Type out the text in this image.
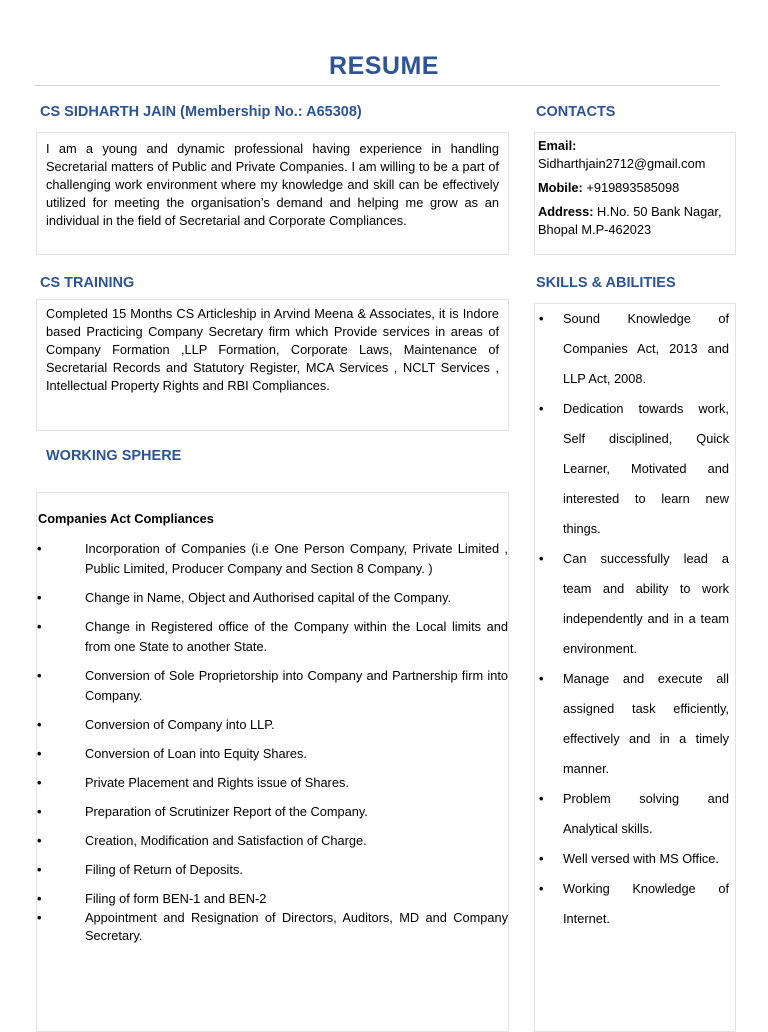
RESUME
CS SIDHARTH JAIN (Membership No.: A65308)

I am a young and dynamic professional having experience in handling Secretarial matters of Public and Private Companies. I am willing to be a part of challenging work environment where my knowledge and skill can be effectively utilized for meeting the organisation’s demand and helping me grow as an individual in the field of Secretarial and Corporate Compliances.

CS TRAINING

Completed 15 Months CS Articleship in Arvind Meena & Associates, it is Indore based Practicing Company Secretary firm which Provide services in areas of Company Formation ,LLP Formation, Corporate Laws, Maintenance of Secretarial Records and Statutory Register, MCA Services , NCLT Services , Intellectual Property Rights and RBI Compliances.

WORKING SPHERE
Companies Act Compliances
•	Incorporation of Companies (i.e One Person Company, Private Limited , Public Limited, Producer Company and Section 8 Company. )
•	Change in Name, Object and Authorised capital of the Company.
•	Change in Registered office of the Company within the Local limits and from one State to another State.
•	Conversion of Sole Proprietorship into Company and Partnership firm into Company.
•	Conversion of Company into LLP.
•	Conversion of Loan into Equity Shares.
•	Private Placement and Rights issue of Shares.
•	Preparation of Scrutinizer Report of the Company.
•	Creation, Modification and Satisfaction of Charge.
•	Filing of Return of Deposits.
•	Filing of form BEN-1 and BEN-2
•	Appointment and Resignation of Directors, Auditors, MD and Company Secretary.
CONTACTS

Email:

Sidharthjain2712@gmail.com

Mobile: +919893585098

Address: H.No. 50 Bank Nagar, Bhopal M.P-462023

SKILLS & ABILITIES
• Sound Knowledge of Companies Act, 2013 and LLP Act, 2008.
• Dedication towards work, Self disciplined, Quick Learner, Motivated and interested to learn new things.
• Can successfully lead a team and ability to work independently and in a team environment.
• Manage and execute all assigned task efficiently, effectively and in a timely manner.
• Problem solving and Analytical skills.
• Well versed with MS Office.
• Working Knowledge of Internet.
